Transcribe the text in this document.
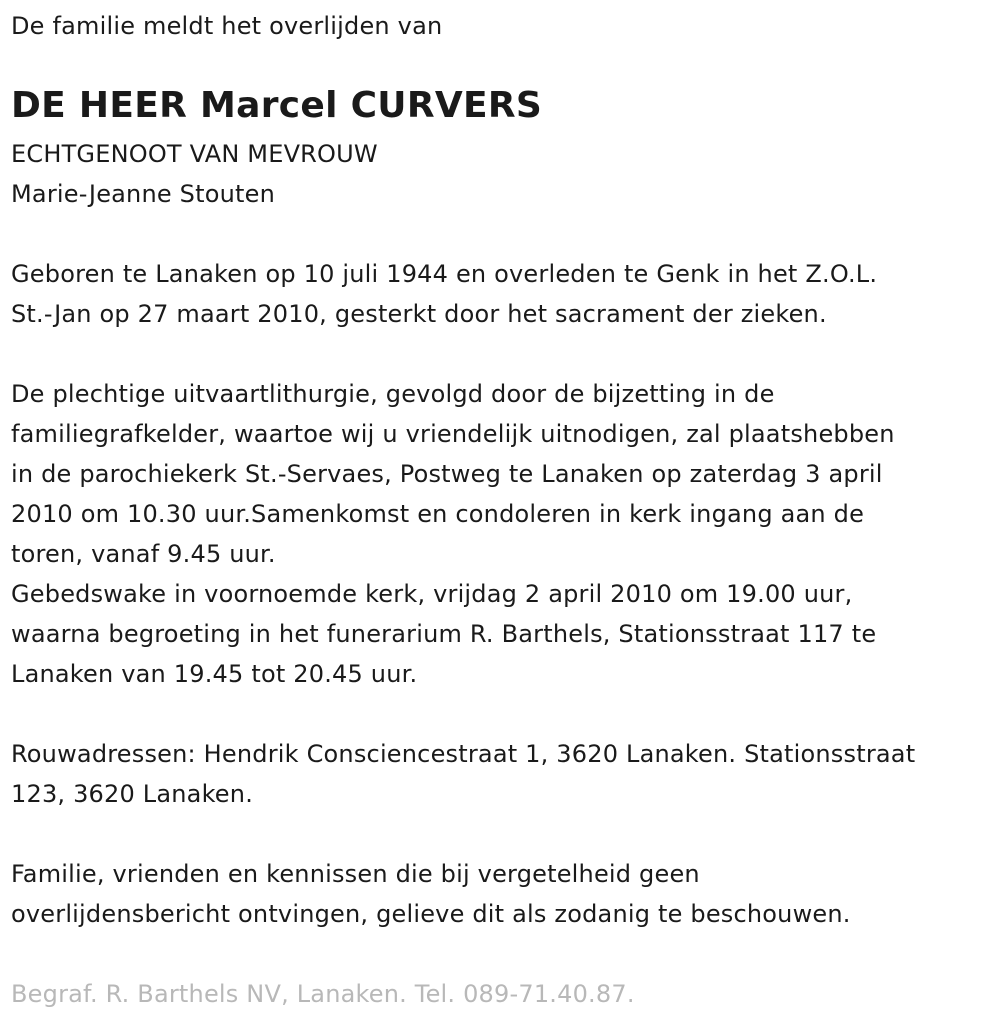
De familie meldt het overlijden van
DE HEER Marcel CURVERS
ECHTGENOOT VAN MEVROUW
Marie-Jeanne Stouten
Geboren te Lanaken op 10 juli 1944 en overleden te Genk in het Z.O.L.
St.-Jan op 27 maart 2010, gesterkt door het sacrament der zieken.
De plechtige uitvaartlithurgie, gevolgd door de bijzetting in de
familiegrafkelder, waartoe wij u vriendelijk uitnodigen, zal plaatshebben
in de parochiekerk St.-Servaes, Postweg te Lanaken op zaterdag 3 april
2010 om 10.30 uur.Samenkomst en condoleren in kerk ingang aan de
toren, vanaf 9.45 uur.
Gebedswake in voornoemde kerk, vrijdag 2 april 2010 om 19.00 uur,
waarna begroeting in het funerarium R. Barthels, Stationsstraat 117 te
Lanaken van 19.45 tot 20.45 uur.
Rouwadressen: Hendrik Consciencestraat 1, 3620 Lanaken. Stationsstraat
123, 3620 Lanaken.
Familie, vrienden en kennissen die bij vergetelheid geen
overlijdensbericht ontvingen, gelieve dit als zodanig te beschouwen.
Begraf. R. Barthels NV, Lanaken. Tel. 089-71.40.87.
